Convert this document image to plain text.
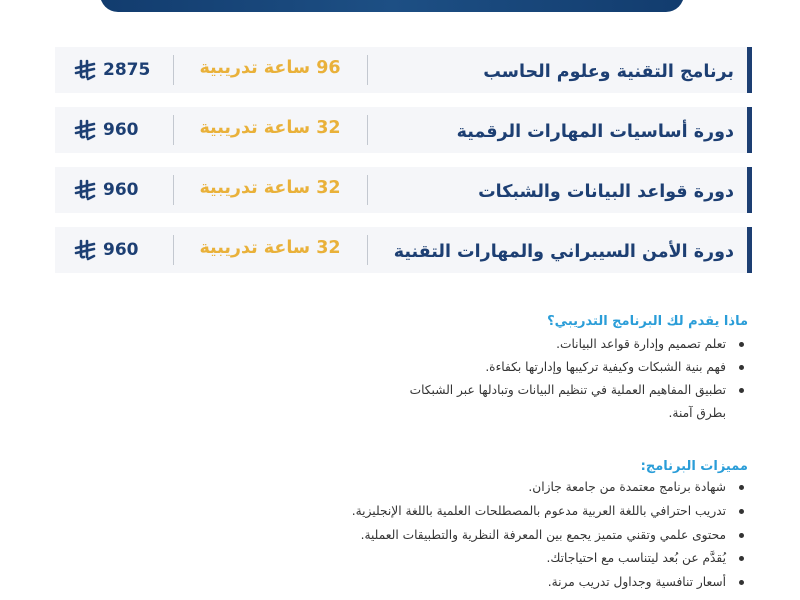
برنامج التقنية وعلوم الحاسب
96 ساعة تدريبية
2875
دورة أساسيات المهارات الرقمية
32 ساعة تدريبية
960
دورة قواعد البيانات والشبكات
32 ساعة تدريبية
960
دورة الأمن السيبراني والمهارات التقنية
32 ساعة تدريبية
960
ماذا يقدم لك البرنامج التدريبي؟
تعلم تصميم وإدارة قواعد البيانات.
فهم بنية الشبكات وكيفية تركيبها وإدارتها بكفاءة.
تطبيق المفاهيم العملية في تنظيم البيانات وتبادلها عبر الشبكات بطرق آمنة.
مميزات البرنامج:
شهادة برنامج معتمدة من جامعة جازان.
تدريب احترافي باللغة العربية مدعوم بالمصطلحات العلمية باللغة الإنجليزية.
محتوى علمي وتقني متميز يجمع بين المعرفة النظرية والتطبيقات العملية.
يُقدَّم عن بُعد ليتناسب مع احتياجاتك.
أسعار تنافسية وجداول تدريب مرنة.
